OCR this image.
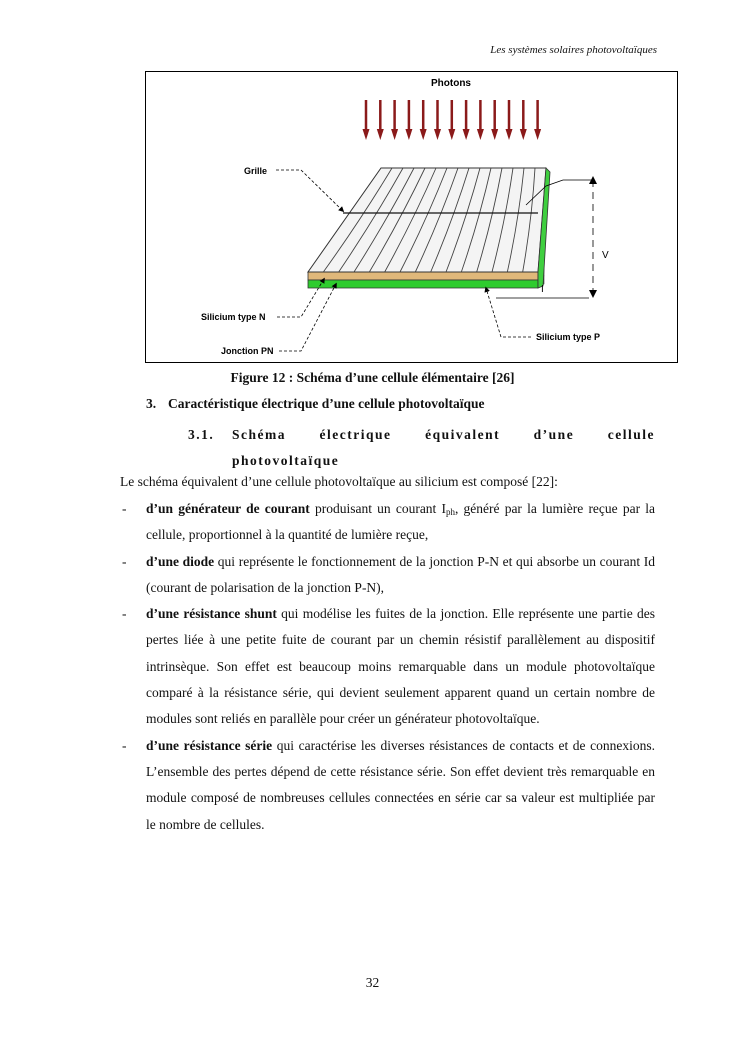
Les systèmes solaires photovoltaïques
Photons
Grille
V
I
Silicium type N
Jonction PN
Silicium type P
Figure 12 : Schéma d’une cellule élémentaire [26]
3. Caractéristique électrique d’une cellule photovoltaïque
3.1. Schéma électrique équivalent d’une cellule
photovoltaïque
Le schéma équivalent d’une cellule photovoltaïque au silicium est composé [22]:
- d’un générateur de courant produisant un courant $I_{ph}$, généré par la lumière reçue par la cellule, proportionnel à la quantité de lumière reçue,
- d’une diode qui représente le fonctionnement de la jonction P-N et qui absorbe un courant Id (courant de polarisation de la jonction P-N),
- d’une résistance shunt qui modélise les fuites de la jonction. Elle représente une partie des pertes liée à une petite fuite de courant par un chemin résistif parallèlement au dispositif intrinsèque. Son effet est beaucoup moins remarquable dans un module photovoltaïque comparé à la résistance série, qui devient seulement apparent quand un certain nombre de modules sont reliés en parallèle pour créer un générateur photovoltaïque.
- d’une résistance série qui caractérise les diverses résistances de contacts et de connexions. L’ensemble des pertes dépend de cette résistance série. Son effet devient très remarquable en module composé de nombreuses cellules connectées en série car sa valeur est multipliée par le nombre de cellules.
32
